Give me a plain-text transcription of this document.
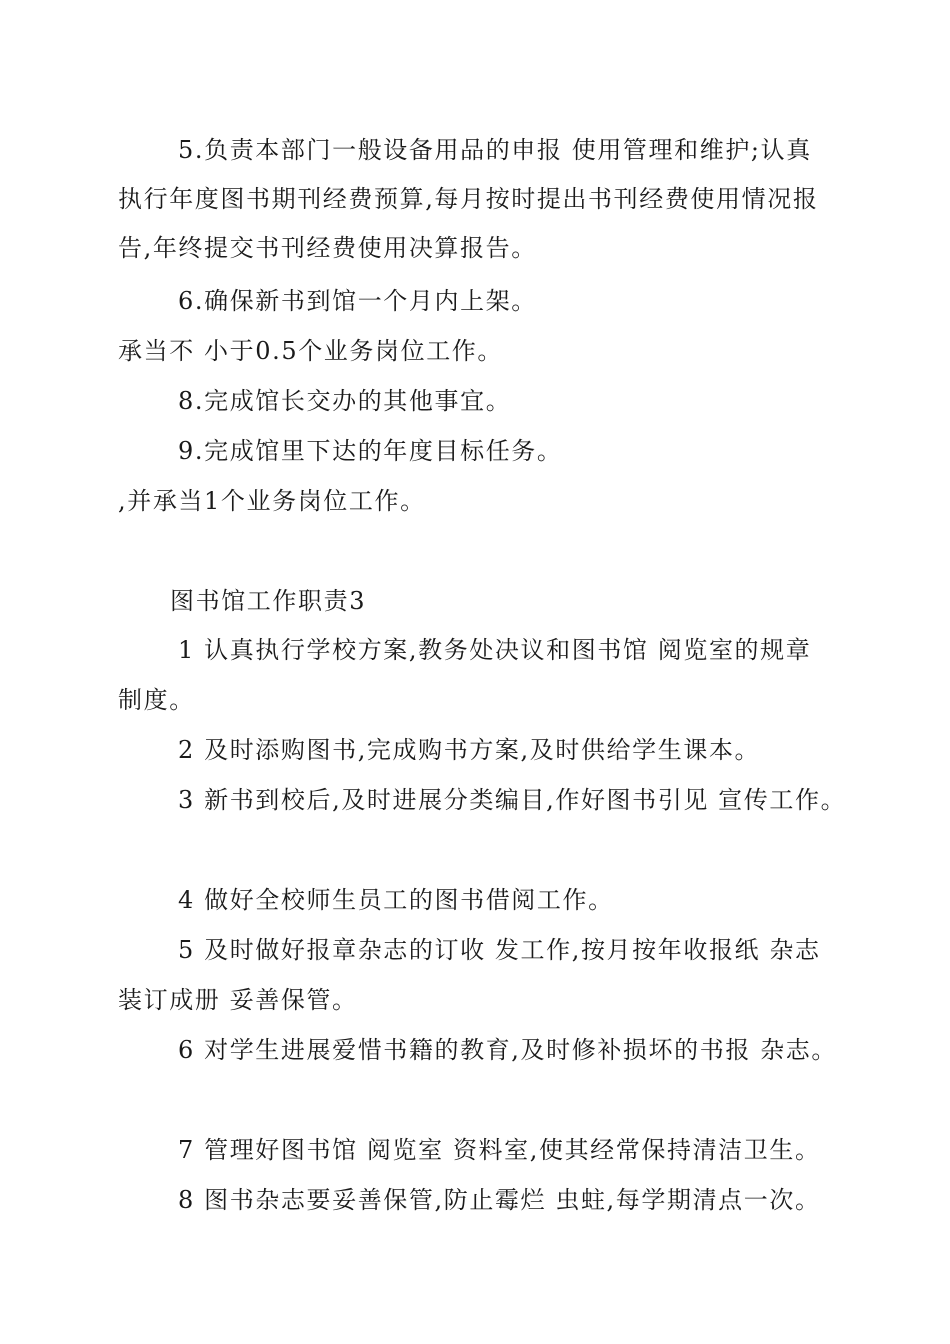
5.负责本部门一般设备用品的申报 使用管理和维护;认真
执行年度图书期刊经费预算,每月按时提出书刊经费使用情况报
告,年终提交书刊经费使用决算报告。
6.确保新书到馆一个月内上架。
承当不 小于0.5个业务岗位工作。
8.完成馆长交办的其他事宜。
9.完成馆里下达的年度目标任务。
,并承当1个业务岗位工作。
图书馆工作职责3
1 认真执行学校方案,教务处决议和图书馆 阅览室的规章
制度。
2 及时添购图书,完成购书方案,及时供给学生课本。
3 新书到校后,及时进展分类编目,作好图书引见 宣传工作。
4 做好全校师生员工的图书借阅工作。
5 及时做好报章杂志的订收 发工作,按月按年收报纸 杂志
装订成册 妥善保管。
6 对学生进展爱惜书籍的教育,及时修补损坏的书报 杂志。
7 管理好图书馆 阅览室 资料室,使其经常保持清洁卫生。
8 图书杂志要妥善保管,防止霉烂 虫蛀,每学期清点一次。
